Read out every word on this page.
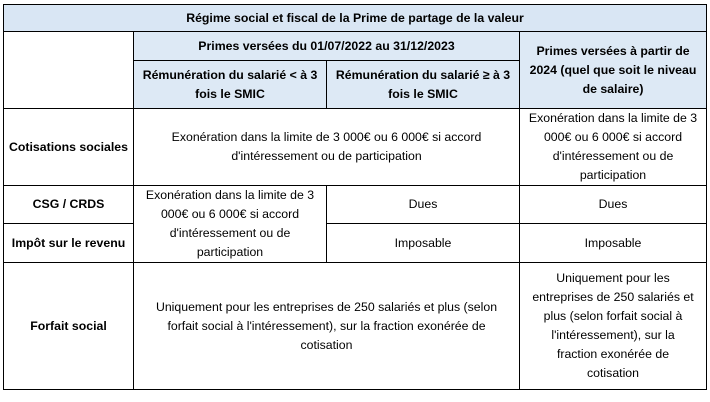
Régime social et fiscal de la Prime de partage de la valeur			
	Primes versées du 01/07/2022 au 31/12/2023		Primes versées à partir de 2024 (quel que soit le niveau de salaire)
	Rémunération du salarié < à 3 fois le SMIC	Rémunération du salarié ≥ à 3 fois le SMIC	
Cotisations sociales	Exonération dans la limite de 3 000€ ou 6 000€ si accord d'intéressement ou de participation		Exonération dans la limite de 3 000€ ou 6 000€ si accord d'intéressement ou de participation
CSG / CRDS	Exonération dans la limite de 3 000€ ou 6 000€ si accord d'intéressement ou de participation	Dues	Dues
Impôt sur le revenu		Imposable	Imposable
Forfait social	Uniquement pour les entreprises de 250 salariés et plus (selon forfait social à l'intéressement), sur la fraction exonérée de cotisation		Uniquement pour les entreprises de 250 salariés et plus (selon forfait social à l'intéressement), sur la fraction exonérée de cotisation
